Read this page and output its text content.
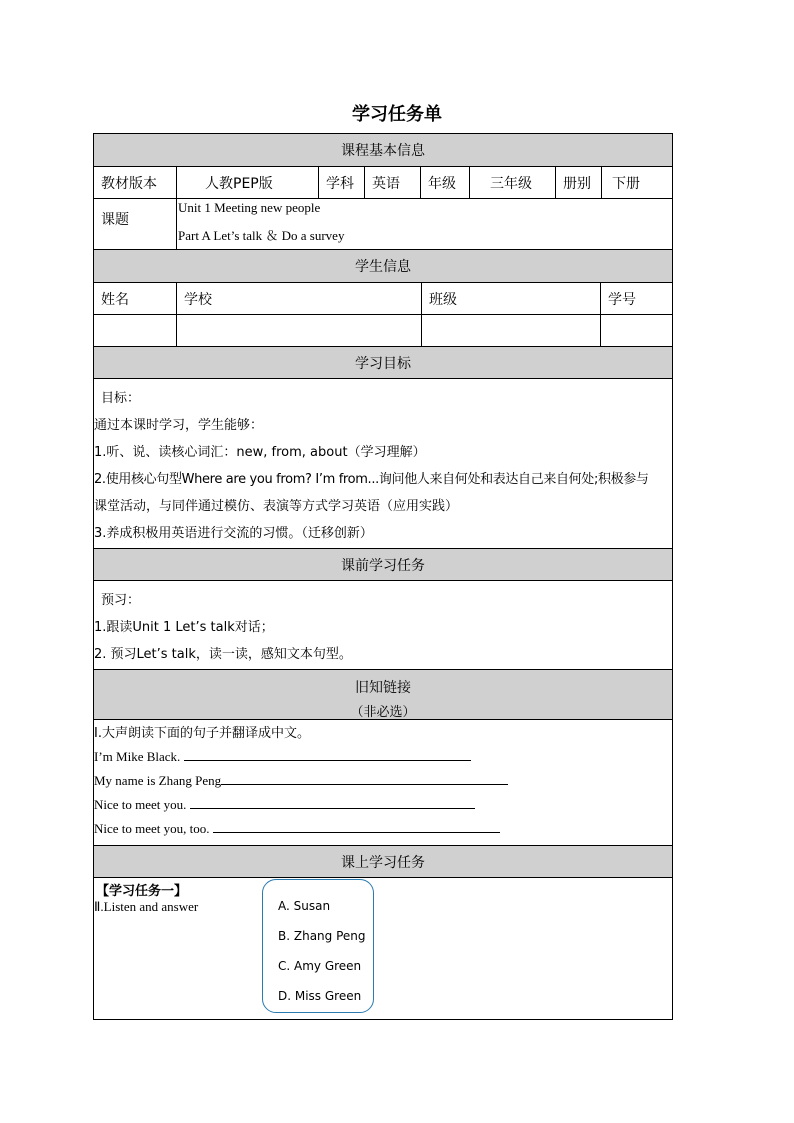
学习任务单
课程基本信息
教材版本	人教PEP版	学科	英语	年级	三年级	册别	下册
课题
Unit 1 Meeting new people
Part A Let’s talk ＆ Do a survey
学生信息
姓名	学校	班级	学号
学习目标
目标：
通过本课时学习，学生能够：
1.听、说、读核心词汇：new, from, about（学习理解）
2.使用核心句型Where are you from? I’m from...询问他人来自何处和表达自己来自何处;积极参与
课堂活动，与同伴通过模仿、表演等方式学习英语（应用实践）
3.养成积极用英语进行交流的习惯。（迁移创新）
课前学习任务
预习：
1.跟读Unit 1 Let’s talk对话；
2. 预习Let’s talk，读一读，感知文本句型。
旧知链接
（非必选）
I.大声朗读下面的句子并翻译成中文。
I’m Mike Black.
My name is Zhang Peng
Nice to meet you.
Nice to meet you, too.
课上学习任务
【学习任务一】
Ⅱ.Listen and answer	A. Susan
B. Zhang Peng
C. Amy Green
D. Miss Green
